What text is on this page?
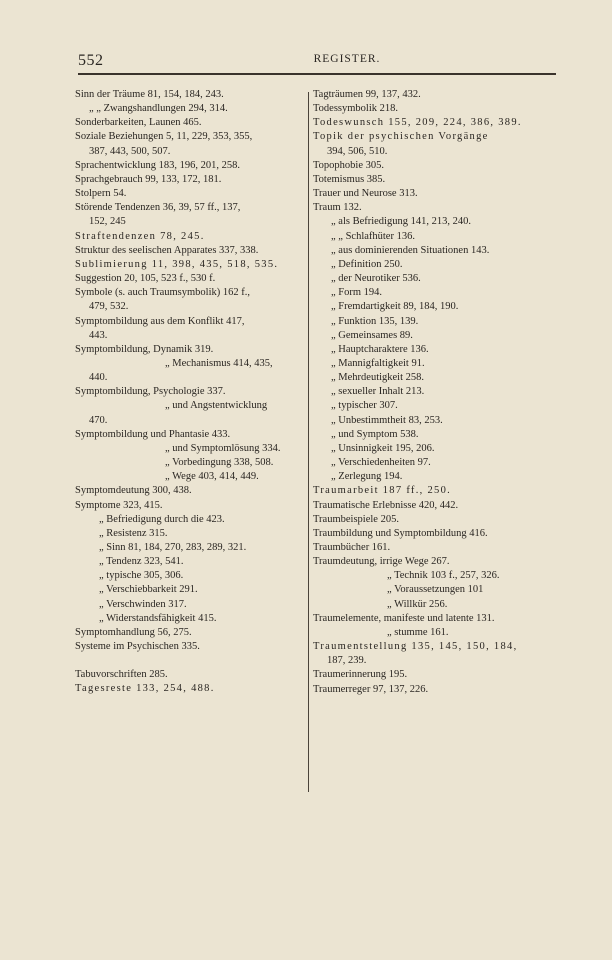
552	REGISTER.

Sinn der Träume 81, 154, 184, 243.

„ „ Zwangshandlungen 294, 314.

Sonderbarkeiten, Launen 465.

Soziale Beziehungen 5, 11, 229, 353, 355,

387, 443, 500, 507.

Sprachentwicklung 183, 196, 201, 258.

Sprachgebrauch 99, 133, 172, 181.

Stolpern 54.

Störende Tendenzen 36, 39, 57 ff., 137,

152, 245

Straftendenzen 78, 245.

Struktur des seelischen Apparates 337, 338.

Sublimierung 11, 398, 435, 518, 535.

Suggestion 20, 105, 523 f., 530 f.

Symbole (s. auch Traumsymbolik) 162 f.,

479, 532.

Symptombildung aus dem Konflikt 417,

443.

Symptombildung, Dynamik 319.

„ Mechanismus 414, 435,

440.

Symptombildung, Psychologie 337.

„ und Angstentwicklung

470.

Symptombildung und Phantasie 433.

„ und Symptomlösung 334.

„ Vorbedingung 338, 508.

„ Wege 403, 414, 449.

Symptomdeutung 300, 438.

Symptome 323, 415.

„ Befriedigung durch die 423.

„ Resistenz 315.

„ Sinn 81, 184, 270, 283, 289, 321.

„ Tendenz 323, 541.

„ typische 305, 306.

„ Verschiebbarkeit 291.

„ Verschwinden 317.

„ Widerstandsfähigkeit 415.

Symptomhandlung 56, 275.

Systeme im Psychischen 335.

Tabuvorschriften 285.

Tagesreste 133, 254, 488.

Tagträumen 99, 137, 432.

Todessymbolik 218.

Todeswunsch 155, 209, 224, 386, 389.

Topik der psychischen Vorgänge

394, 506, 510.

Topophobie 305.

Totemismus 385.

Trauer und Neurose 313.

Traum 132.

„ als Befriedigung 141, 213, 240.

„ „ Schlafhüter 136.

„ aus dominierenden Situationen 143.

„ Definition 250.

„ der Neurotiker 536.

„ Form 194.

„ Fremdartigkeit 89, 184, 190.

„ Funktion 135, 139.

„ Gemeinsames 89.

„ Hauptcharaktere 136.

„ Mannigfaltigkeit 91.

„ Mehrdeutigkeit 258.

„ sexueller Inhalt 213.

„ typischer 307.

„ Unbestimmtheit 83, 253.

„ und Symptom 538.

„ Unsinnigkeit 195, 206.

„ Verschiedenheiten 97.

„ Zerlegung 194.

Traumarbeit 187 ff., 250.

Traumatische Erlebnisse 420, 442.

Traumbeispiele 205.

Traumbildung und Symptombildung 416.

Traumbücher 161.

Traumdeutung, irrige Wege 267.

„ Technik 103 f., 257, 326.

„ Voraussetzungen 101

„ Willkür 256.

Traumelemente, manifeste und latente 131.

„ stumme 161.

Traumentstellung 135, 145, 150, 184,

187, 239.

Traumerinnerung 195.

Traumerreger 97, 137, 226.
